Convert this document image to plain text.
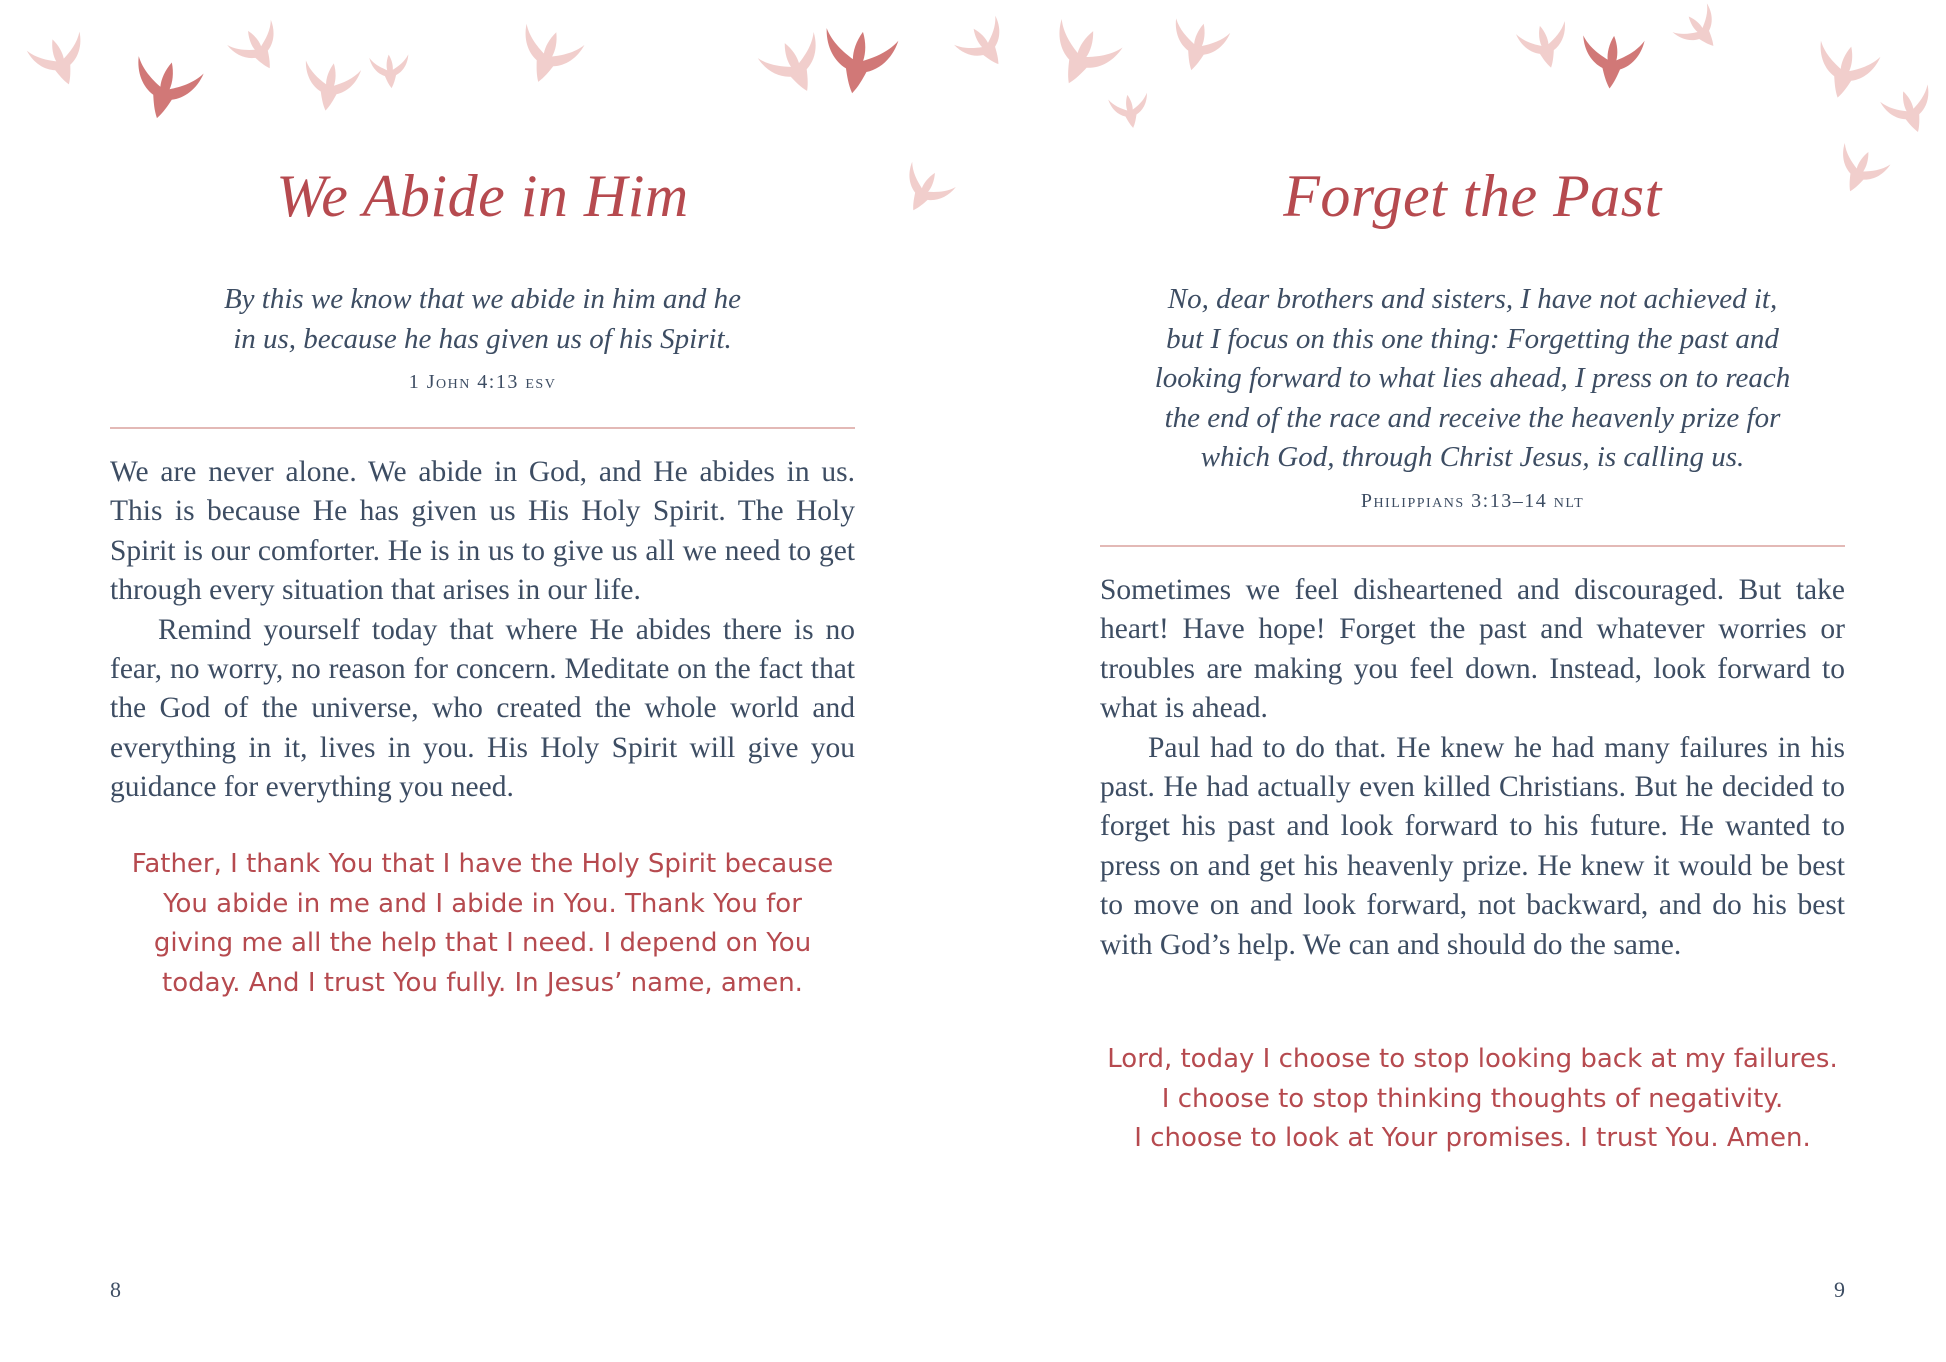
We Abide in Him
By this we know that we abide in him and he
in us, because he has given us of his Spirit.
1 John 4:13 esv

We are never alone. We abide in God, and He abides in us. This is because He has given us His Holy Spirit. The Holy Spirit is our comforter. He is in us to give us all we need to get through every situation that arises in our life.

Remind yourself today that where He abides there is no fear, no worry, no reason for concern. Meditate on the fact that the God of the universe, who created the whole world and everything in it, lives in you. His Holy Spirit will give you guidance for everything you need.

Father, I thank You that I have the Holy Spirit because
You abide in me and I abide in You. Thank You for
giving me all the help that I need. I depend on You
today. And I trust You fully. In Jesus’ name, amen.
8
Forget the Past
No, dear brothers and sisters, I have not achieved it,
but I focus on this one thing: Forgetting the past and
looking forward to what lies ahead, I press on to reach
the end of the race and receive the heavenly prize for
which God, through Christ Jesus, is calling us.
Philippians 3:13–14 nlt

Sometimes we feel disheartened and discouraged. But take heart! Have hope! Forget the past and whatever worries or troubles are making you feel down. Instead, look forward to what is ahead.

Paul had to do that. He knew he had many failures in his past. He had actually even killed Christians. But he decided to forget his past and look forward to his future. He wanted to press on and get his heavenly prize. He knew it would be best to move on and look forward, not backward, and do his best with God’s help. We can and should do the same.

Lord, today I choose to stop looking back at my failures.
I choose to stop thinking thoughts of negativity.
I choose to look at Your promises. I trust You. Amen.
9
